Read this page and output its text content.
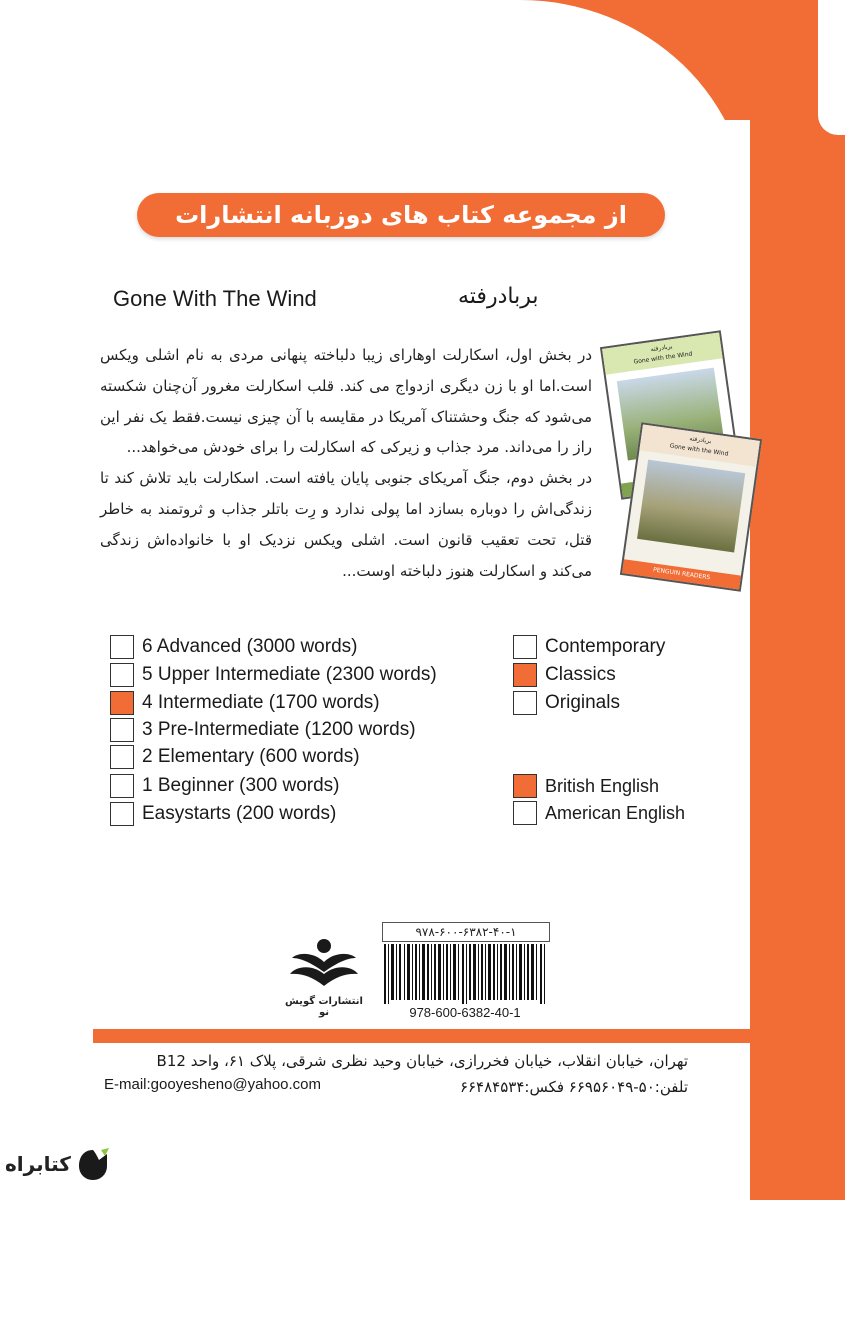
از مجموعه کتاب های دوزبانه انتشارات گویش نو
Gone With The Wind	بربادرفته

در بخش اول، اسکارلت اوهارای زیبا دلباخته پنهانی مردی به نام اشلی ویکس است.اما او با زن دیگری ازدواج می کند. قلب اسکارلت مغرور آن‌چنان شکسته می‌شود که جنگ وحشتناک آمریکا در مقایسه با آن چیزی نیست.فقط یک نفر این راز را می‌داند. مرد جذاب و زیرکی که اسکارلت را برای خودش می‌خواهد...

در بخش دوم، جنگ آمریکای جنوبی پایان یافته است. اسکارلت باید تلاش کند تا زندگی‌اش را دوباره بسازد اما پولی ندارد و رِت باتلر جذاب و ثروتمند به خاطر قتل، تحت تعقیب قانون است. اشلی ویکس نزدیک او با خانواده‌اش زندگی می‌کند و اسکارلت هنوز دلباخته اوست...

بربادرفته
Gone with the Wind
بربادرفته
Gone with the Wind
PENGUIN READERS
6 Advanced (3000 words)
5 Upper Intermediate (2300 words)
4 Intermediate (1700 words)
3 Pre-Intermediate (1200 words)
2 Elementary (600 words)
1 Beginner (300 words)
Easystarts (200 words)
Contemporary
Classics
Originals
British English
American English
۹۷۸-۶۰۰-۶۳۸۲-۴۰-۱
978-600-6382-40-1
انتشارات گویش نو
تهران، خیابان انقلاب، خیابان فخررازی، خیابان وحید نظری شرقی، پلاک ۶۱، واحد B12
تلفن:۵۰-۶۶۹۵۶۰۴۹ فکس:۶۶۴۸۴۵۳۴
E-mail:gooyesheno@yahoo.com
کتابراه
